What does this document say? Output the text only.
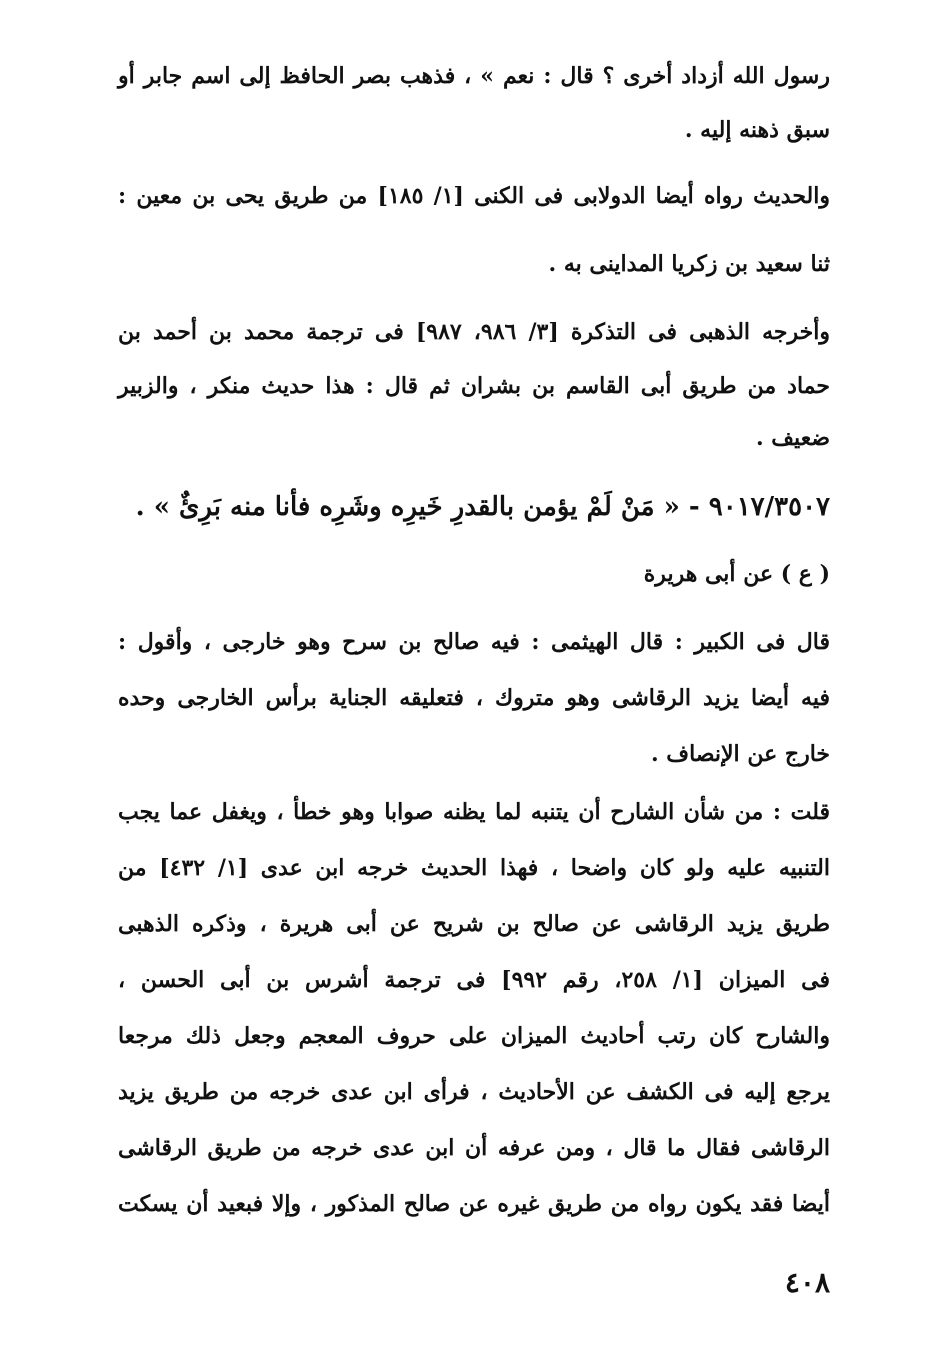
رسول الله أزداد أخرى ؟ قال : نعم » ، فذهب بصر الحافظ إلى اسم جابر أو
سبق ذهنه إليه .
والحديث رواه أيضا الدولابى فى الكنى [١/ ١٨٥] من طريق يحى بن معين :
ثنا سعيد بن زكريا المداينى به .
وأخرجه الذهبى فى التذكرة [٣/ ٩٨٦، ٩٨٧] فى ترجمة محمد بن أحمد بن
حماد من طريق أبى القاسم بن بشران ثم قال : هذا حديث منكر ، والزبير
ضعيف .
٩٠١٧/٣٥٠٧ - « مَنْ لَمْ يؤمن بالقدرِ خَيرِه وشَرِه فأنا منه بَرِئٌ » .
( ع ) عن أبى هريرة
قال فى الكبير : قال الهيثمى : فيه صالح بن سرح وهو خارجى ، وأقول :
فيه أيضا يزيد الرقاشى وهو متروك ، فتعليقه الجناية برأس الخارجى وحده
خارج عن الإنصاف .
قلت : من شأن الشارح أن يتنبه لما يظنه صوابا وهو خطأ ، ويغفل عما يجب
التنبيه عليه ولو كان واضحا ، فهذا الحديث خرجه ابن عدى [١/ ٤٣٢] من
طريق يزيد الرقاشى عن صالح بن شريح عن أبى هريرة ، وذكره الذهبى
فى الميزان [١/ ٢٥٨، رقم ٩٩٢] فى ترجمة أشرس بن أبى الحسن ،
والشارح كان رتب أحاديث الميزان على حروف المعجم وجعل ذلك مرجعا
يرجع إليه فى الكشف عن الأحاديث ، فرأى ابن عدى خرجه من طريق يزيد
الرقاشى فقال ما قال ، ومن عرفه أن ابن عدى خرجه من طريق الرقاشى
أيضا فقد يكون رواه من طريق غيره عن صالح المذكور ، وإلا فبعيد أن يسكت
٤٠٨
